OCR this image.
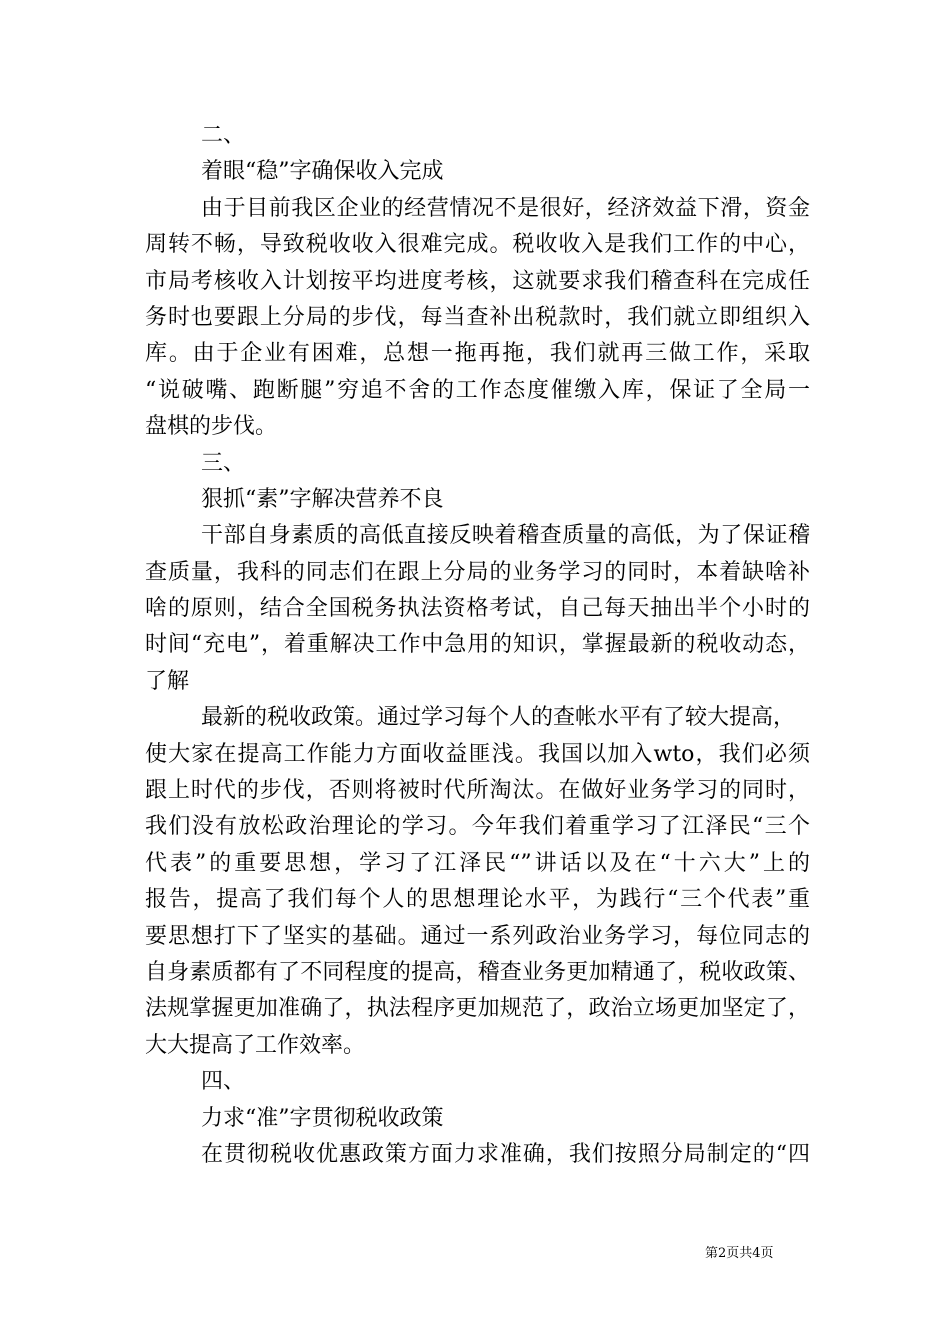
二、
着眼“稳”字确保收入完成
由于目前我区企业的经营情况不是很好，经济效益下滑，资金
周转不畅，导致税收收入很难完成。税收收入是我们工作的中心，
市局考核收入计划按平均进度考核，这就要求我们稽查科在完成任
务时也要跟上分局的步伐，每当查补出税款时，我们就立即组织入
库。由于企业有困难，总想一拖再拖，我们就再三做工作，采取
“说破嘴、跑断腿”穷追不舍的工作态度催缴入库，保证了全局一
盘棋的步伐。
三、
狠抓“素”字解决营养不良
干部自身素质的高低直接反映着稽查质量的高低，为了保证稽
查质量，我科的同志们在跟上分局的业务学习的同时，本着缺啥补
啥的原则，结合全国税务执法资格考试，自己每天抽出半个小时的
时间“充电”，着重解决工作中急用的知识，掌握最新的税收动态，
了解
最新的税收政策。通过学习每个人的查帐水平有了较大提高，
使大家在提高工作能力方面收益匪浅。我国以加入wto，我们必须
跟上时代的步伐，否则将被时代所淘汰。在做好业务学习的同时，
我们没有放松政治理论的学习。今年我们着重学习了江泽民“三个
代表”的重要思想，学习了江泽民“”讲话以及在“十六大”上的
报告，提高了我们每个人的思想理论水平，为践行“三个代表”重
要思想打下了坚实的基础。通过一系列政治业务学习，每位同志的
自身素质都有了不同程度的提高，稽查业务更加精通了，税收政策、
法规掌握更加准确了，执法程序更加规范了，政治立场更加坚定了，
大大提高了工作效率。
四、
力求“准”字贯彻税收政策
在贯彻税收优惠政策方面力求准确，我们按照分局制定的“四
第2页共4页
